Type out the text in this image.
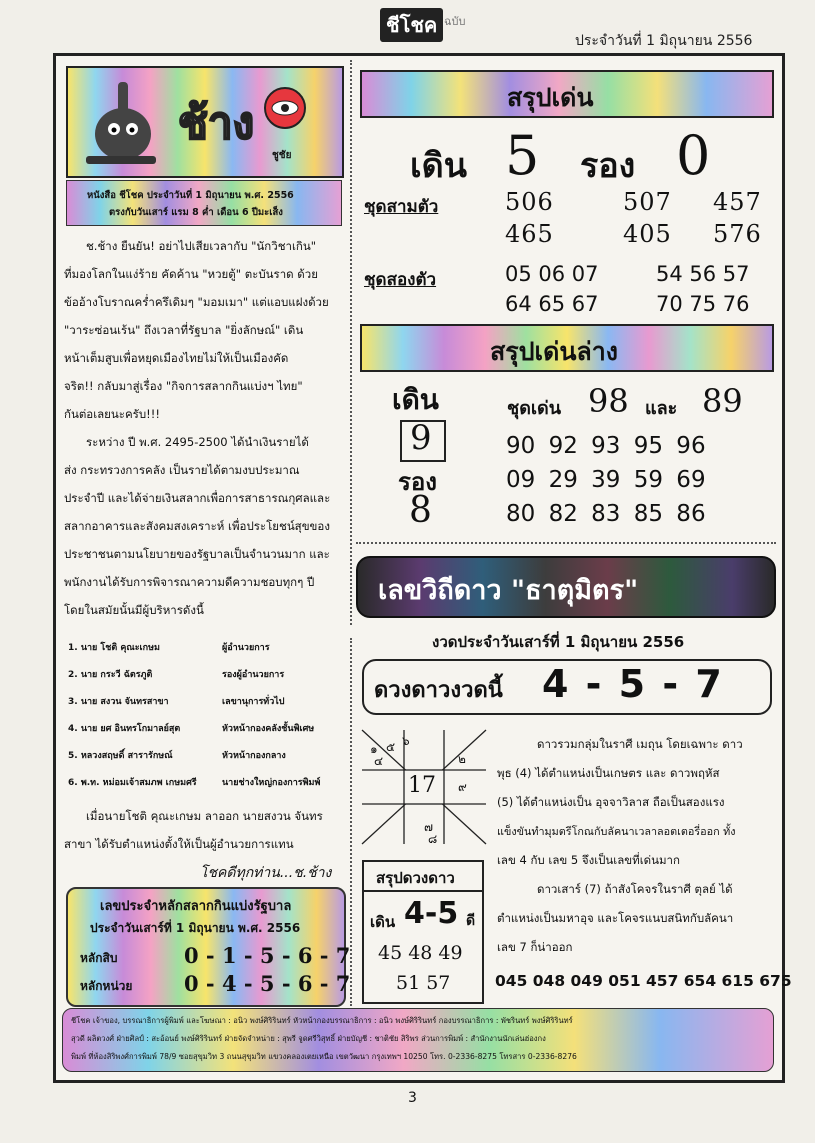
ชีโชค ฉบับ
ประจำวันที่ 1 มิถุนายน 2556
ช้าง
ชูชัย
หนังสือ ชีโชค ประจำวันที่ 1 มิถุนายน พ.ศ. 2556
ตรงกับวันเสาร์ แรม 8 ค่ำ เดือน 6 ปีมะเส็ง
ช.ช้าง ยืนยัน! อย่าไปเสียเวลากับ "นักวิชาเกิน"
ที่มองโลกในแง่ร้าย คัดค้าน "หวยตู้" ตะบันราด ด้วย
ข้ออ้างโบราณคร่ำครึเดิมๆ "มอมเมา" แต่แอบแฝงด้วย
"วาระซ่อนเร้น" ถึงเวลาที่รัฐบาล "ยิ่งลักษณ์" เดิน
หน้าเต็มสูบเพื่อหยุดเมืองไทยไม่ให้เป็นเมืองคัด
จริต!! กลับมาสู่เรื่อง "กิจการสลากกินแบ่งฯ ไทย"
กันต่อเลยนะครับ!!!
ระหว่าง ปี พ.ศ. 2495-2500 ได้นำเงินรายได้
ส่ง กระทรวงการคลัง เป็นรายได้ตามงบประมาณ
ประจำปี และได้จ่ายเงินสลากเพื่อการสาธารณกุศลและ
สลากอาคารและสังคมสงเคราะห์ เพื่อประโยชน์สุขของ
ประชาชนตามนโยบายของรัฐบาลเป็นจำนวนมาก และ
พนักงานได้รับการพิจารณาความดีความชอบทุกๆ ปี
โดยในสมัยนั้นมีผู้บริหารดังนี้
1. นาย โชติ คุณะเกษม	ผู้อำนวยการ
2. นาย กระวี ฉัตรภูติ	รองผู้อำนวยการ
3. นาย สงวน จันทรสาขา	เลขานุการทั่วไป
4. นาย ยศ อินทรโกมาลย์สุต	หัวหน้ากองคลังชั้นพิเศษ
5. หลวงสฤษดิ์ สารารักษณ์	หัวหน้ากองกลาง
6. พ.ท. หม่อมเจ้าสมภพ เกษมศรี	นายช่างใหญ่กองการพิมพ์
เมื่อนายโชติ คุณะเกษม ลาออก นายสงวน จันทร
สาขา ได้รับตำแหน่งตั้งให้เป็นผู้อำนวยการแทน
โชคดีทุกท่าน...ช.ช้าง
เลขประจำหลักสลากกินแบ่งรัฐบาล
ประจำวันเสาร์ที่ 1 มิถุนายน พ.ศ. 2556
หลักสิบ	0 - 1 - 5 - 6 - 7
หลักหน่วย 0 - 4 - 5 - 6 - 7
สรุปเด่น
เดิน 5 รอง 0
ชุดสามตัว	506	507 457
465	405 576
ชุดสองตัว	05 06 07	54 56 57
64 65 67	70 75 76
สรุปเด่นล่าง
เดิน
9
รอง
8
ชุดเด่น 98 และ 89
90 92 93 95 96
09 29 39 59 69
80 82 83 85 86
เลขวิถีดาว "ธาตุมิตร"
งวดประจำวันเสาร์ที่ 1 มิถุนายน 2556
ดวงดาวงวดนี้ 4 - 5 - 7
17
๑
๔
๕ ๖
๒
๙
๗
๘
ดาวรวมกลุ่มในราศี เมถุน โดยเฉพาะ ดาว
พุธ (4) ได้ตำแหน่งเป็นเกษตร และ ดาวพฤหัส
(5) ได้ตำแหน่งเป็น อุจจาวิลาส ถือเป็นสองแรง
แข็งขันทำมุมตรีโกณกับลัคนาเวลาลอตเตอรี่ออก ทั้ง
เลข 4 กับ เลข 5 จึงเป็นเลขที่เด่นมาก
ดาวเสาร์ (7) ถ้าสังโคจรในราศี ตุลย์ ได้
ตำแหน่งเป็นมหาอุจ และโคจรแนบสนิทกับลัคนา
เลข 7 ก็น่าออก
สรุปดวงดาว
เดิน 4-5 ดี
45 48 49
51 57	045 048 049 051 457 654 615 675
ชีโชค เจ้าของ, บรรณาธิการผู้พิมพ์ และโฆษณา : อนิว พงษ์ศิริรินทร์ หัวหน้ากองบรรณาธิการ : อนิว พงษ์ศิริรินทร์ กองบรรณาธิการ : พัชรินทร์ พงษ์ศิริรินทร์
สุวดี ผลิตวงศ์ ฝ่ายศิลป์ : สะอ้อนย์ พงษ์ศิริรินทร์ ฝ่ายจัดจำหน่าย : สุพรี จูดศรีวิสุทธิ์ ฝ่ายบัญชี : ชาติชัย สิริพร ส่วนการพิมพ์ : สำนักงานนักเล่นฮ่องกง
พิมพ์ ที่ห้องสิริพงศ์การพิมพ์ 78/9 ซอยสุขุมวิท 3 ถนนสุขุมวิท แขวงคลองเตยเหนือ เขตวัฒนา กรุงเทพฯ 10250 โทร. 0-2336-8275 โทรสาร 0-2336-8276
3
